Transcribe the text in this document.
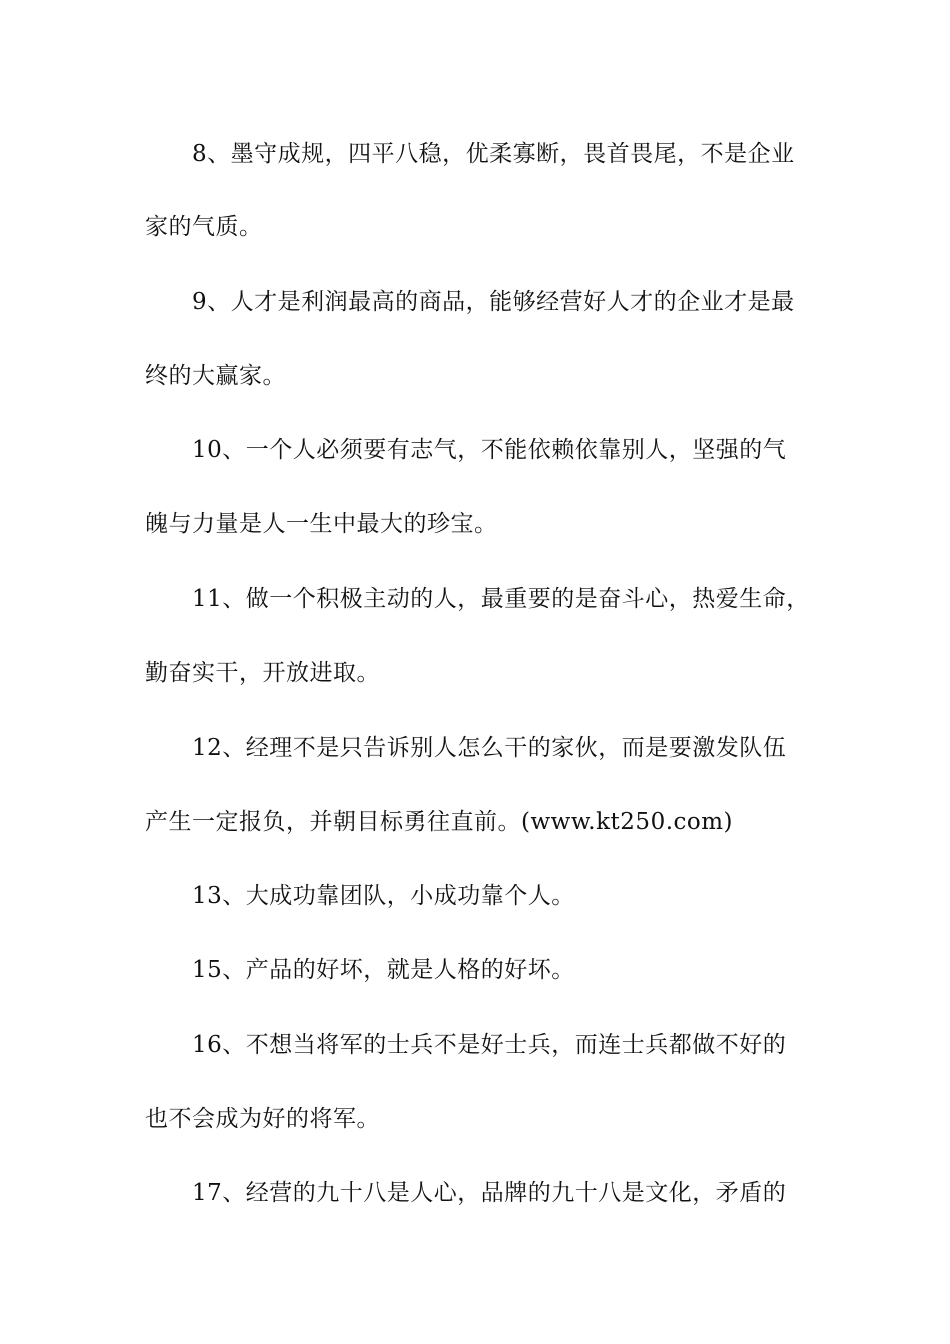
8、墨守成规，四平八稳，优柔寡断，畏首畏尾，不是企业
家的气质。
9、人才是利润最高的商品，能够经营好人才的企业才是最
终的大赢家。
10、一个人必须要有志气，不能依赖依靠别人，坚强的气
魄与力量是人一生中最大的珍宝。
11、做一个积极主动的人，最重要的是奋斗心，热爱生命，
勤奋实干，开放进取。
12、经理不是只告诉别人怎么干的家伙，而是要激发队伍
产生一定报负，并朝目标勇往直前。(www.kt250.com)
13、大成功靠团队，小成功靠个人。
15、产品的好坏，就是人格的好坏。
16、不想当将军的士兵不是好士兵，而连士兵都做不好的
也不会成为好的将军。
17、经营的九十八是人心，品牌的九十八是文化，矛盾的
